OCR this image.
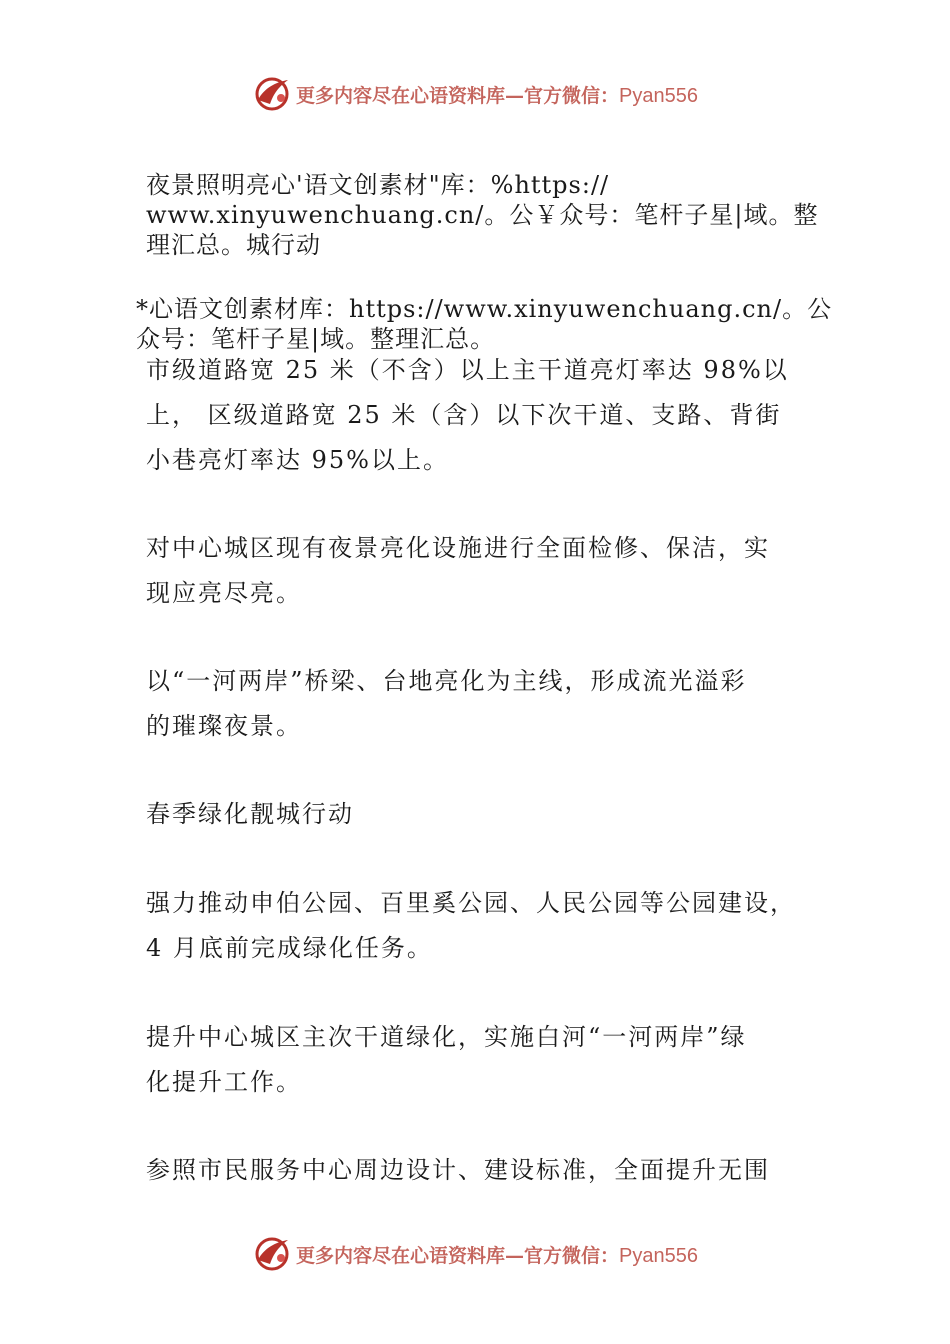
更多内容尽在心语资料库—官方微信：Pyan556
夜景照明亮心'语文创素材"库：%https://
www.xinyuwenchuang.cn/。公￥众号：笔杆子星|域。整
理汇总。城行动
*心语文创素材库：https://www.xinyuwenchuang.cn/。公
众号：笔杆子星|域。整理汇总。
市级道路宽 25 米（不含）以上主干道亮灯率达 98%以
上， 区级道路宽 25 米（含）以下次干道、支路、背街
小巷亮灯率达 95%以上。
对中心城区现有夜景亮化设施进行全面检修、保洁，实
现应亮尽亮。
以“一河两岸”桥梁、台地亮化为主线，形成流光溢彩
的璀璨夜景。
春季绿化靓城行动
强力推动申伯公园、百里奚公园、人民公园等公园建设，
4 月底前完成绿化任务。
提升中心城区主次干道绿化，实施白河“一河两岸”绿
化提升工作。
参照市民服务中心周边设计、建设标准，全面提升无围
更多内容尽在心语资料库—官方微信：Pyan556
